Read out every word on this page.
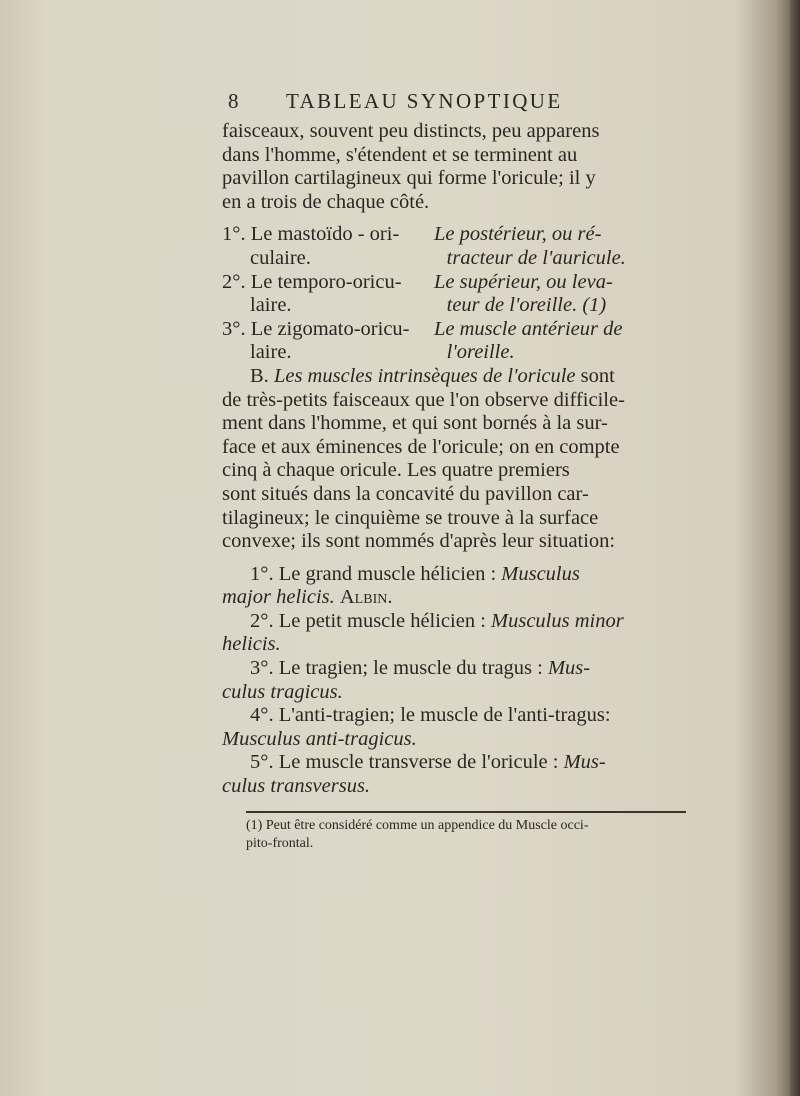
8 TABLEAU SYNOPTIQUE
faisceaux, souvent peu distincts, peu apparens
dans l'homme, s'étendent et se terminent au
pavillon cartilagineux qui forme l'oricule; il y
en a trois de chaque côté.
1°. Le mastoïdo - ori-	Le postérieur, ou ré-
culaire.	tracteur de l'auricule.
2°. Le temporo-oricu-	Le supérieur, ou leva-
laire.	teur de l'oreille. (1)
3°. Le zigomato-oricu-	Le muscle antérieur de
laire.	l'oreille.
B. Les muscles intrinsèques de l'oricule sont
de très-petits faisceaux que l'on observe difficile-
ment dans l'homme, et qui sont bornés à la sur-
face et aux éminences de l'oricule; on en compte
cinq à chaque oricule. Les quatre premiers
sont situés dans la concavité du pavillon car-
tilagineux; le cinquième se trouve à la surface
convexe; ils sont nommés d'après leur situation:
1°. Le grand muscle hélicien : Musculus
major helicis. Albin.
2°. Le petit muscle hélicien : Musculus minor
helicis.
3°. Le tragien; le muscle du tragus : Mus-
culus tragicus.
4°. L'anti-tragien; le muscle de l'anti-tragus:
Musculus anti-tragicus.
5°. Le muscle transverse de l'oricule : Mus-
culus transversus.
(1) Peut être considéré comme un appendice du Muscle occi-
pito-frontal.
